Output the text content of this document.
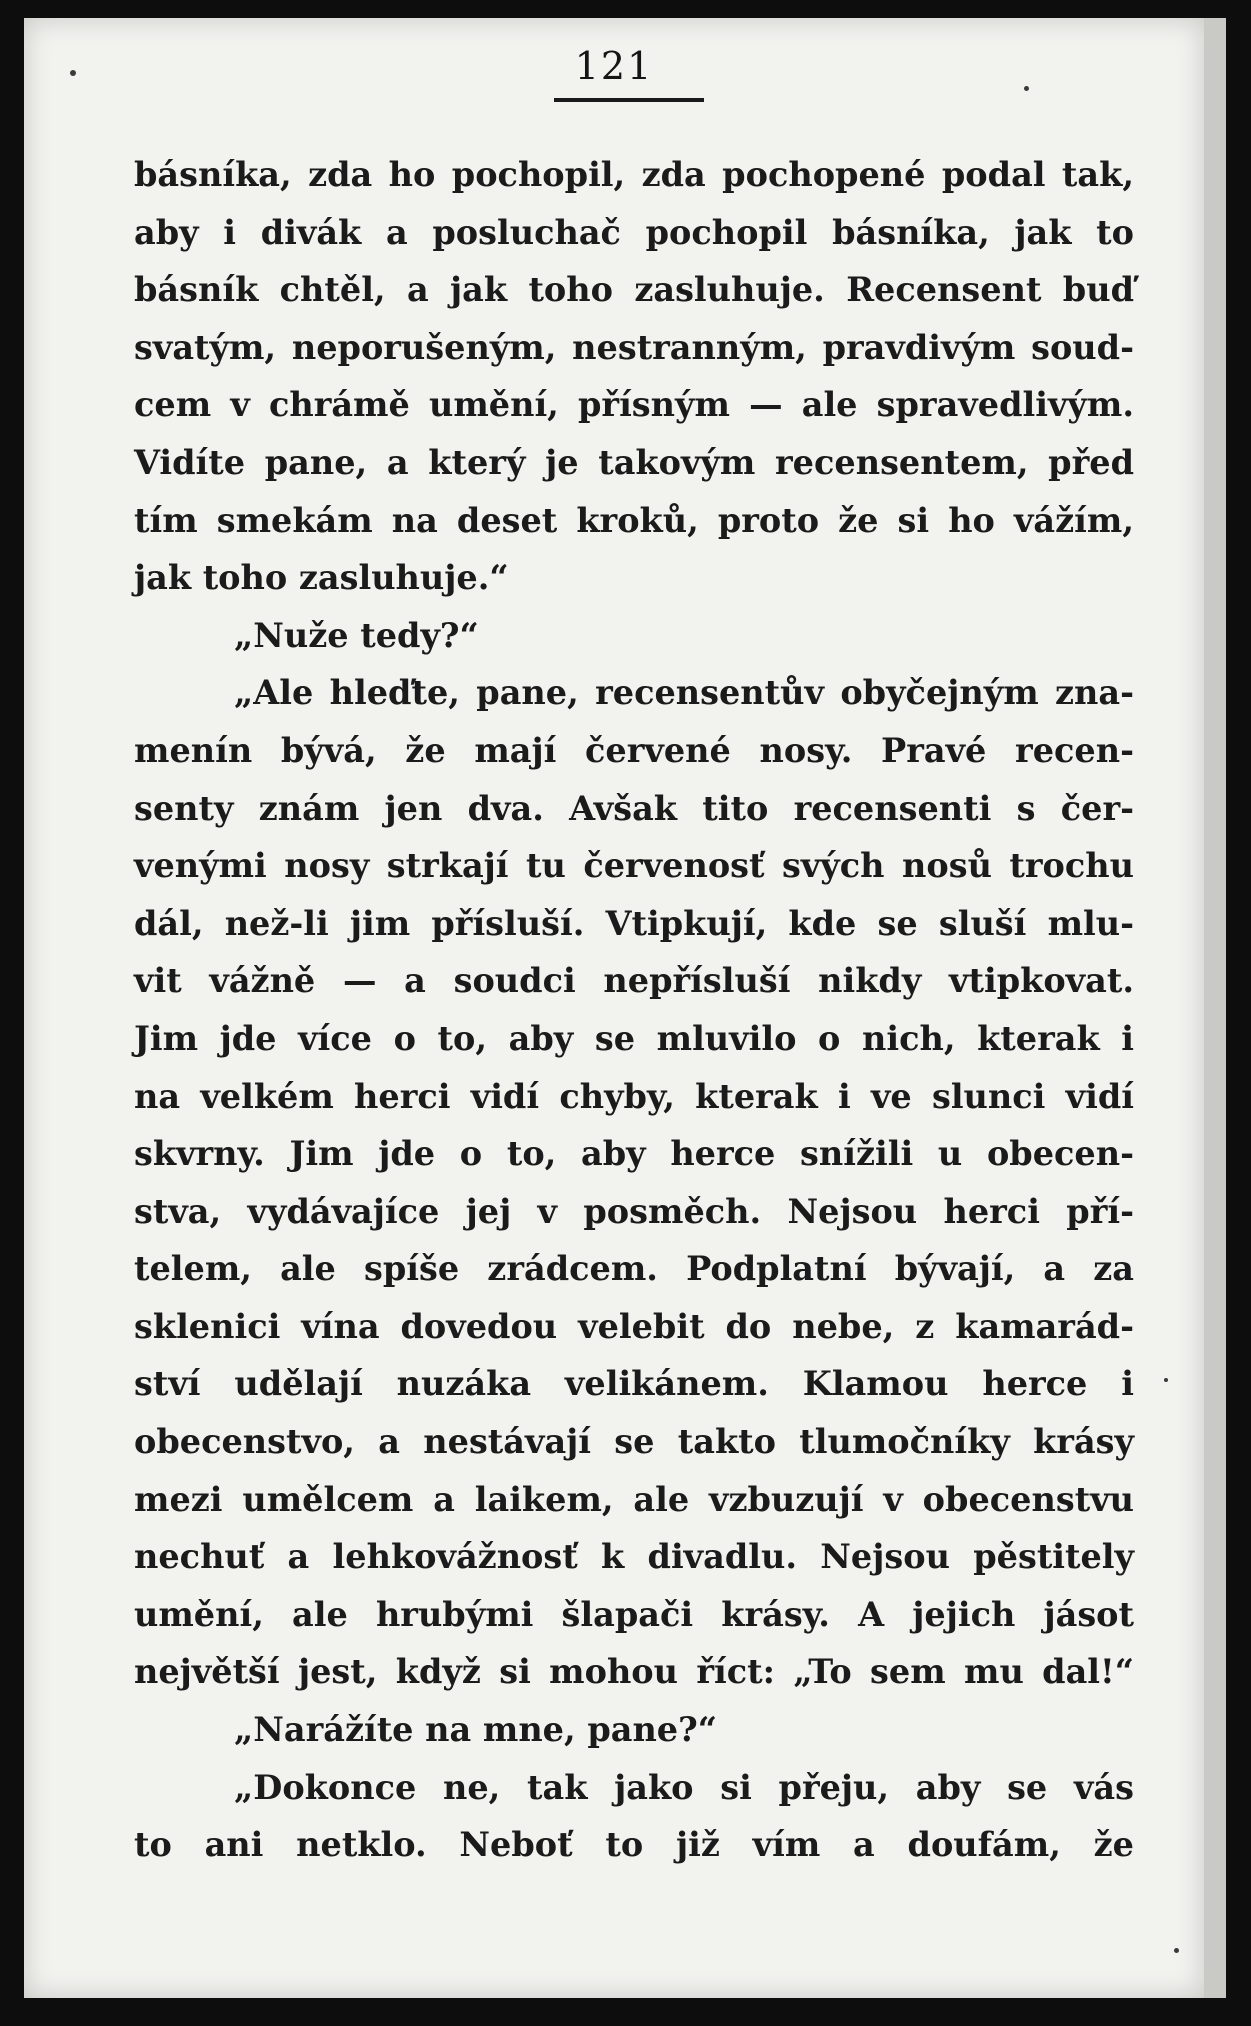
121
básníka, zda ho pochopil, zda pochopené podal tak,
aby i divák a posluchač pochopil básníka, jak to
básník chtěl, a jak toho zasluhuje. Recensent buď
svatým, neporušeným, nestranným, pravdivým soud-
cem v chrámě umění, přísným — ale spravedlivým.
Vidíte pane, a který je takovým recensentem, před
tím smekám na deset kroků, proto že si ho vážím,
jak toho zasluhuje.“
„Nuže tedy?“
„Ale hleďte, pane, recensentův obyčejným zna-
menín bývá, že mají červené nosy. Pravé recen-
senty znám jen dva. Avšak tito recensenti s čer-
venými nosy strkají tu červenosť svých nosů trochu
dál, než-li jim přísluší. Vtipkují, kde se sluší mlu-
vit vážně — a soudci nepřísluší nikdy vtipkovat.
Jim jde více o to, aby se mluvilo o nich, kterak i
na velkém herci vidí chyby, kterak i ve slunci vidí
skvrny. Jim jde o to, aby herce snížili u obecen-
stva, vydávajíce jej v posměch. Nejsou herci pří-
telem, ale spíše zrádcem. Podplatní bývají, a za
sklenici vína dovedou velebit do nebe, z kamarád-
ství udělají nuzáka velikánem. Klamou herce i
obecenstvo, a nestávají se takto tlumočníky krásy
mezi umělcem a laikem, ale vzbuzují v obecenstvu
nechuť a lehkovážnosť k divadlu. Nejsou pěstitely
umění, ale hrubými šlapači krásy. A jejich jásot
největší jest, když si mohou říct: „To sem mu dal!“
„Narážíte na mne, pane?“
„Dokonce ne, tak jako si přeju, aby se vás
to ani netklo. Neboť to již vím a doufám, že
